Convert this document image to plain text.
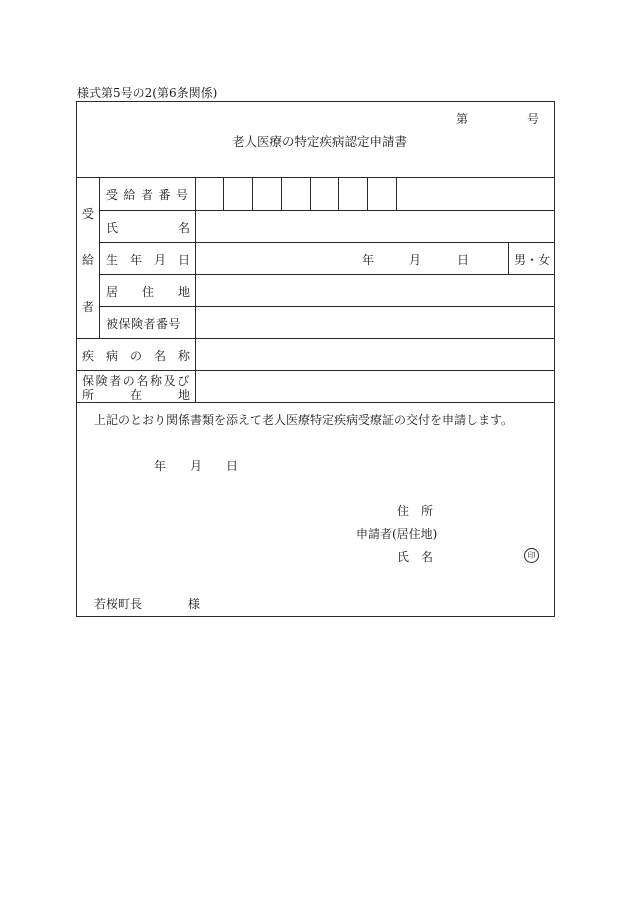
様式第5号の2(第6条関係)
第	号
老人医療の特定疾病認定申請書
受
給
者
受給者番号
氏	名
生 年 月 日	年	月	日	男・女
居 住 地
被保険者番号
疾 病 の 名 称
保険者の名称及び
所	在	地
上記のとおり関係書類を添えて老人医療特定疾病受療証の交付を申請します。
年 月 日
住 所
申請者(居住地)
氏 名	印
若桜町長	様
